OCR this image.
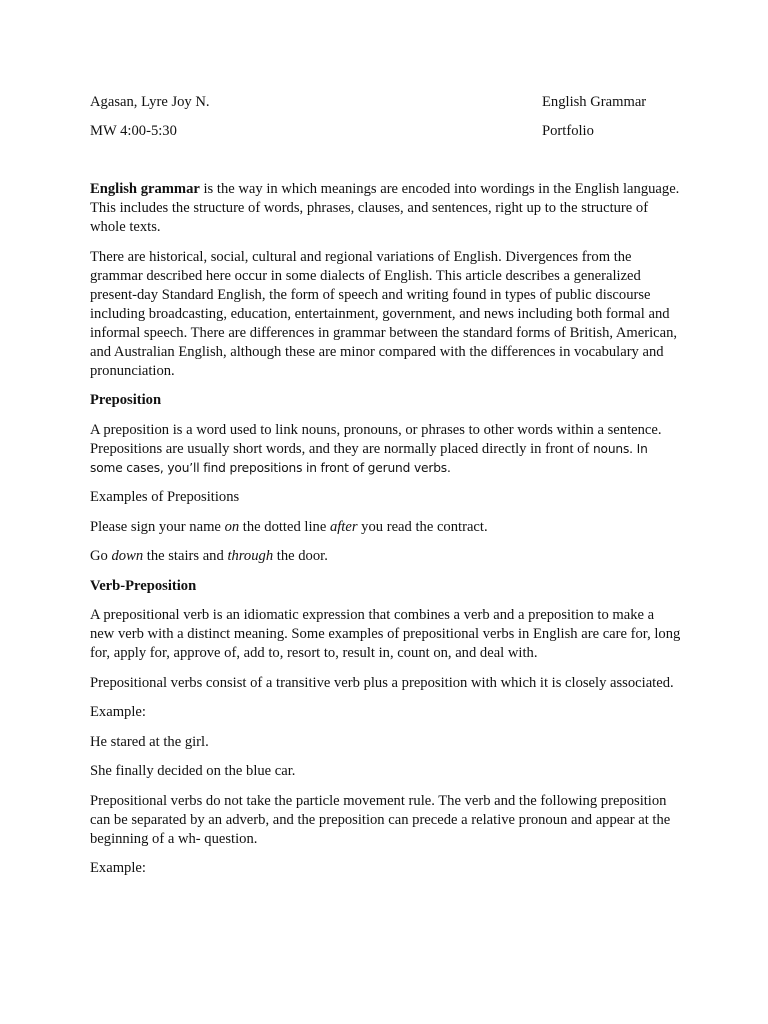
Agasan, Lyre Joy N.	English Grammar
MW 4:00-5:30	Portfolio

English grammar is the way in which meanings are encoded into wordings in the English language. This includes the structure of words, phrases, clauses, and sentences, right up to the structure of whole texts.

There are historical, social, cultural and regional variations of English. Divergences from the grammar described here occur in some dialects of English. This article describes a generalized present-day Standard English, the form of speech and writing found in types of public discourse including broadcasting, education, entertainment, government, and news including both formal and informal speech. There are differences in grammar between the standard forms of British, American, and Australian English, although these are minor compared with the differences in vocabulary and pronunciation.

Preposition

A preposition is a word used to link nouns, pronouns, or phrases to other words within a sentence. Prepositions are usually short words, and they are normally placed directly in front of nouns. In some cases, you’ll find prepositions in front of gerund verbs.

Examples of Prepositions

Please sign your name on the dotted line after you read the contract.

Go down the stairs and through the door.

Verb-Preposition

A prepositional verb is an idiomatic expression that combines a verb and a preposition to make a new verb with a distinct meaning. Some examples of prepositional verbs in English are care for, long for, apply for, approve of, add to, resort to, result in, count on, and deal with.

Prepositional verbs consist of a transitive verb plus a preposition with which it is closely associated.

Example:

He stared at the girl.

She finally decided on the blue car.

Prepositional verbs do not take the particle movement rule. The verb and the following preposition can be separated by an adverb, and the preposition can precede a relative pronoun and appear at the beginning of a wh- question.

Example:
